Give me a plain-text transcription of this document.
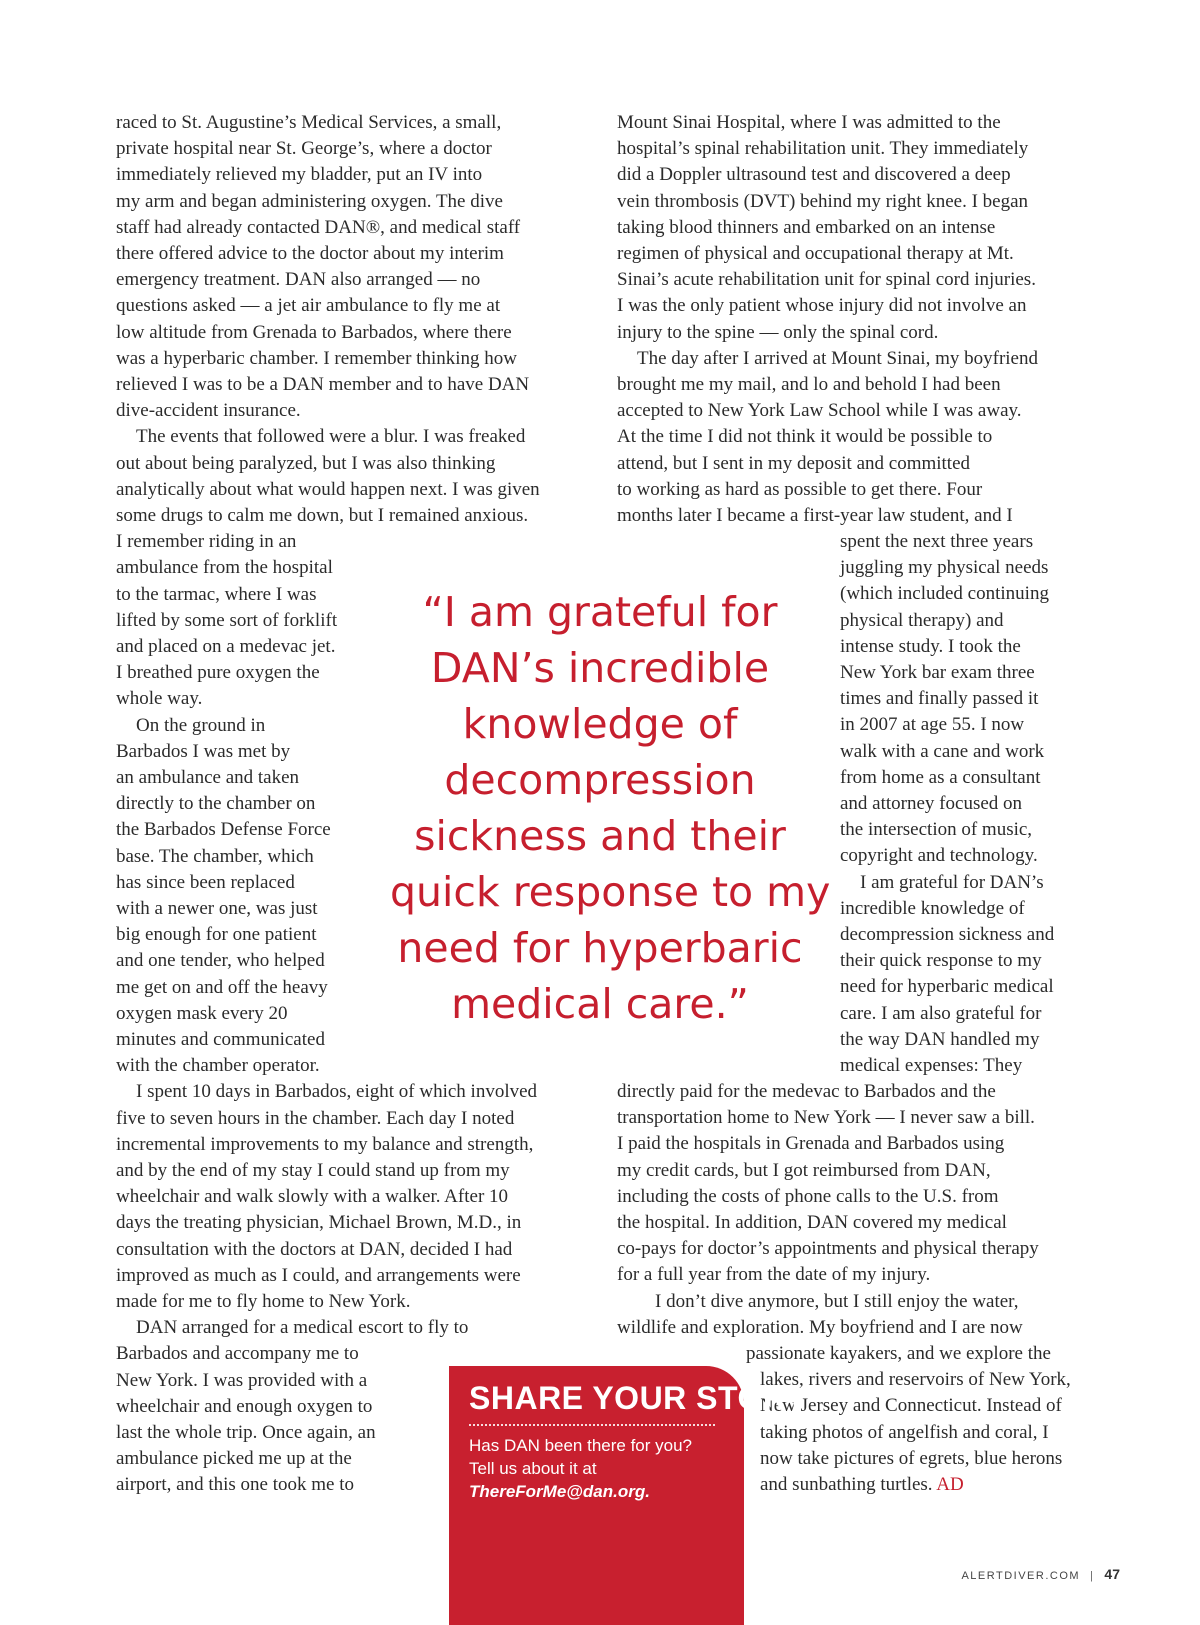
raced to St. Augustine’s Medical Services, a small,
private hospital near St. George’s, where a doctor
immediately relieved my bladder, put an IV into
my arm and began administering oxygen. The dive
staff had already contacted DAN®, and medical staff
there offered advice to the doctor about my interim
emergency treatment. DAN also arranged — no
questions asked — a jet air ambulance to fly me at
low altitude from Grenada to Barbados, where there
was a hyperbaric chamber. I remember thinking how
relieved I was to be a DAN member and to have DAN
dive-accident insurance.
The events that followed were a blur. I was freaked
out about being paralyzed, but I was also thinking
analytically about what would happen next. I was given
some drugs to calm me down, but I remained anxious.
I remember riding in an
ambulance from the hospital
to the tarmac, where I was
lifted by some sort of forklift
and placed on a medevac jet.
I breathed pure oxygen the
whole way.
On the ground in
Barbados I was met by
an ambulance and taken
directly to the chamber on
the Barbados Defense Force
base. The chamber, which
has since been replaced
with a newer one, was just
big enough for one patient
and one tender, who helped
me get on and off the heavy
oxygen mask every 20
minutes and communicated
with the chamber operator.
I spent 10 days in Barbados, eight of which involved
five to seven hours in the chamber. Each day I noted
incremental improvements to my balance and strength,
and by the end of my stay I could stand up from my
wheelchair and walk slowly with a walker. After 10
days the treating physician, Michael Brown, M.D., in
consultation with the doctors at DAN, decided I had
improved as much as I could, and arrangements were
made for me to fly home to New York.
DAN arranged for a medical escort to fly to
Barbados and accompany me to
New York. I was provided with a
wheelchair and enough oxygen to
last the whole trip. Once again, an
ambulance picked me up at the
airport, and this one took me to
Mount Sinai Hospital, where I was admitted to the
hospital’s spinal rehabilitation unit. They immediately
did a Doppler ultrasound test and discovered a deep
vein thrombosis (DVT) behind my right knee. I began
taking blood thinners and embarked on an intense
regimen of physical and occupational therapy at Mt.
Sinai’s acute rehabilitation unit for spinal cord injuries.
I was the only patient whose injury did not involve an
injury to the spine — only the spinal cord.
The day after I arrived at Mount Sinai, my boyfriend
brought me my mail, and lo and behold I had been
accepted to New York Law School while I was away.
At the time I did not think it would be possible to
attend, but I sent in my deposit and committed
to working as hard as possible to get there. Four
months later I became a first-year law student, and I
spent the next three years
juggling my physical needs
(which included continuing
physical therapy) and
intense study. I took the
New York bar exam three
times and finally passed it
in 2007 at age 55. I now
walk with a cane and work
from home as a consultant
and attorney focused on
the intersection of music,
copyright and technology.
I am grateful for DAN’s
incredible knowledge of
decompression sickness and
their quick response to my
need for hyperbaric medical
care. I am also grateful for
the way DAN handled my
medical expenses: They
directly paid for the medevac to Barbados and the
transportation home to New York — I never saw a bill.
I paid the hospitals in Grenada and Barbados using
my credit cards, but I got reimbursed from DAN,
including the costs of phone calls to the U.S. from
the hospital. In addition, DAN covered my medical
co-pays for doctor’s appointments and physical therapy
for a full year from the date of my injury.
I don’t dive anymore, but I still enjoy the water,
wildlife and exploration. My boyfriend and I are now
passionate kayakers, and we explore the
lakes, rivers and reservoirs of New York,
New Jersey and Connecticut. Instead of
taking photos of angelfish and coral, I
now take pictures of egrets, blue herons
and sunbathing turtles. AD
“I am grateful for
DAN’s incredible
knowledge of
decompression
sickness and their
quick response to my
need for hyperbaric
medical care.”
SHARE YOUR STORY
Has DAN been there for you?
Tell us about it at
ThereForMe@dan.org.
ALERTDIVER.COM | 47
